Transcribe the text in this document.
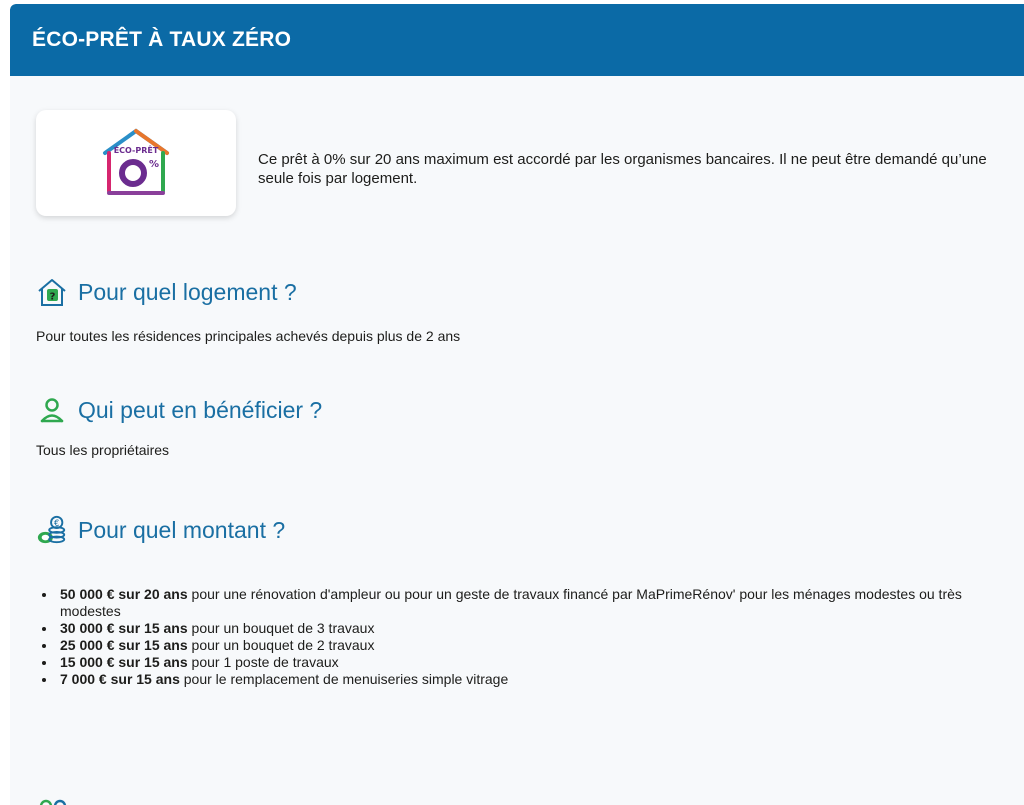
ÉCO-PRÊT À TAUX ZÉRO
ÉCO-PRÊT
%	Ce prêt à 0% sur 20 ans maximum est accordé par les organismes bancaires. Il ne peut être demandé qu’une seule fois par logement.
? Pour quel logement ?
Pour toutes les résidences principales achevés depuis plus de 2 ans
Qui peut en bénéficier ?
Tous les propriétaires
€ Pour quel montant ?
50 000 € sur 20 ans pour une rénovation d'ampleur ou pour un geste de travaux financé par MaPrimeRénov' pour les ménages modestes ou très modestes
30 000 € sur 15 ans pour un bouquet de 3 travaux
25 000 € sur 15 ans pour un bouquet de 2 travaux
15 000 € sur 15 ans pour 1 poste de travaux
7 000 € sur 15 ans pour le remplacement de menuiseries simple vitrage
